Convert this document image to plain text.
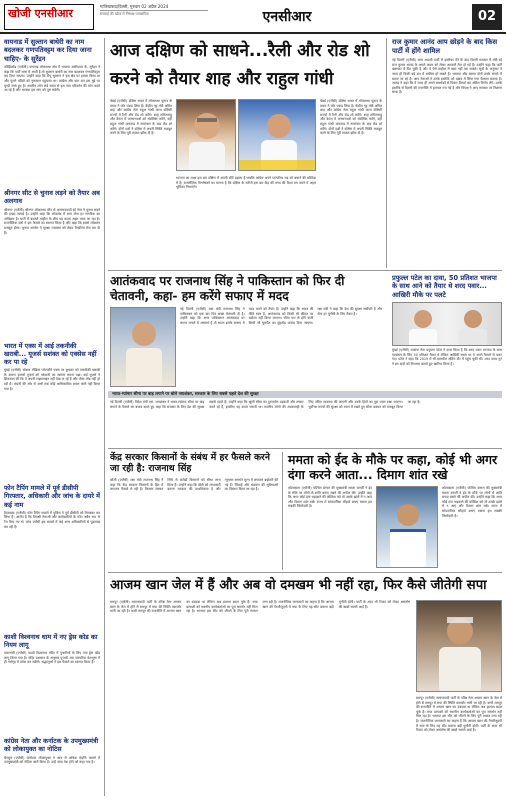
खोजी एनसीआर
गाजियाबाद/दिल्ली, गुरुवार 02 अप्रैल 2024
सच्चाई की खोज में निष्पक्ष पत्रकारिता	एनसीआर	02
वायनाड में सुल्तान बाथेरी का नाम बदलकर गणपतिवट्टम कर दिया जाना चाहिए- के सुरेंद्रन
कोझिकोड (एजेंसी) वायनाड लोकसभा क्षेत्र में भाजपा उम्मीदवार के. सुरेंद्रन ने कहा कि पार्टी सत्ता में आती है तो सुल्तान बाथेरी का नाम बदलकर गणपतिवट्टम कर दिया जाएगा। उन्होंने कहा कि टीपू सुल्तान ने इस क्षेत्र पर हमला किया था और पुराने मंदिरों को नुकसान पहुंचाया था। कांग्रेस और वाम दल इस मुद्दे पर चुप्पी साधे हुए हैं। स्थानीय लोग लंबे समय से इस नाम परिवर्तन की मांग करते आ रहे हैं और भाजपा इस मांग को पूरा करेगी।
श्रीनगर सीट से चुनाव लड़ने को तैयार अब अलगाव
श्रीनगर (एजेंसी) श्रीनगर लोकसभा सीट से अलगाववादी रहे नेता ने चुनाव लड़ने की इच्छा जताई है। उन्होंने कहा कि लोकतंत्र में भाग लेना हर नागरिक का अधिकार है। घाटी में बदलते माहौल के बीच यह कदम अहम माना जा रहा है। राजनीतिक दलों ने इस फैसले का स्वागत किया है और कहा कि इससे लोकतंत्र मजबूत होगा। चुनाव आयोग ने सुरक्षा व्यवस्था को लेकर तैयारियां तेज कर दी हैं।
भारत में एक्स में आई तकनीकी खराबी... यूजर्स सशंक्त को एक्सेस नहीं कर पा रहे
मुंबई (एजेंसी) सोशल मीडिया प्लेटफॉर्म एक्स पर बुधवार को तकनीकी खराबी के कारण हजारों यूजर्स को परेशानी का सामना करना पड़ा। कई यूजर्स ने शिकायत की कि वे अपनी टाइमलाइन नहीं देख पा रहे हैं और पोस्ट लोड नहीं हो रही हैं। कंपनी की ओर से अभी तक कोई आधिकारिक बयान जारी नहीं किया गया है।
फोन टैपिंग मामले में पूर्व डीसीपी गिरफ्तार, अधिकारी और जांच के दायरे में कई नाम
हैदराबाद (एजेंसी) फोन टैपिंग मामले में पुलिस ने पूर्व डीसीपी को गिरफ्तार कर लिया है। आरोप है कि विपक्षी नेताओं और कारोबारियों के फोन अवैध रूप से टैप किए गए थे। जांच एजेंसी इस मामले में कई अन्य अधिकारियों से पूछताछ कर रही है।
काशी विश्वनाथ धाम में नए ड्रेस कोड का नियम लागू
वाराणसी (एजेंसी) काशी विश्वनाथ मंदिर में पुजारियों के लिए नया ड्रेस कोड लागू किया गया है। मंदिर प्रशासन के अनुसार पुजारी अब पारंपरिक वेशभूषा में ही गर्भगृह में प्रवेश कर सकेंगे। श्रद्धालुओं ने इस फैसले का स्वागत किया है।
कांग्रेस नेता और कर्नाटक के उपमुख्यमंत्री को लोकायुक्त का नोटिस
बेंगलुरु (एजेंसी) कर्नाटक लोकायुक्त ने आय से अधिक संपत्ति मामले में उपमुख्यमंत्री को नोटिस जारी किया है। उन्हें जल्द पेश होने को कहा गया है।
आज दक्षिण को साधने...रैली और रोड शो
करने को तैयार शाह और राहुल गांधी
चेन्नई (एजेंसी) दक्षिण भारत में लोकसभा चुनाव के प्रचार ने जोर पकड़ लिया है। केंद्रीय गृह मंत्री अमित शाह और कांग्रेस नेता राहुल गांधी आज दक्षिणी राज्यों में रैली और रोड शो करेंगे। शाह तमिलनाडु और केरल में जनसभाओं को संबोधित करेंगे, वहीं राहुल गांधी वायनाड में नामांकन के बाद रोड शो करेंगे। दोनों दलों ने दक्षिण में अपनी स्थिति मजबूत करने के लिए पूरी ताकत झोंक दी है।
भाजपा का लक्ष्य इस बार दक्षिण में अपनी सीटें बढ़ाना है जबकि कांग्रेस अपने पारंपरिक गढ़ को बचाने की कोशिश में है। राजनीतिक विश्लेषकों का मानना है कि दक्षिण के नतीजे इस बार केंद्र की सत्ता की दिशा तय करने में अहम भूमिका निभाएंगे।
चेन्नई (एजेंसी) दक्षिण भारत में लोकसभा चुनाव के प्रचार ने जोर पकड़ लिया है। केंद्रीय गृह मंत्री अमित शाह और कांग्रेस नेता राहुल गांधी आज दक्षिणी राज्यों में रैली और रोड शो करेंगे। शाह तमिलनाडु और केरल में जनसभाओं को संबोधित करेंगे, वहीं राहुल गांधी वायनाड में नामांकन के बाद रोड शो करेंगे। दोनों दलों ने दक्षिण में अपनी स्थिति मजबूत करने के लिए पूरी ताकत झोंक दी है।
राज कुमार आनंद आप छोड़ने के बाद किस पार्टी में होंगे शामिल
नई दिल्ली (एजेंसी) आम आदमी पार्टी से इस्तीफा देने के बाद दिल्ली सरकार में मंत्री रहे राज कुमार आनंद के अगले कदम को लेकर अटकलें तेज हो गई हैं। उन्होंने कहा कि पार्टी भ्रष्टाचार में घिर चुकी है और वे ऐसे माहौल में काम नहीं कर सकते। सूत्रों के अनुसार वे जल्द ही किसी बड़े दल में शामिल हो सकते हैं। भाजपा और बसपा दोनों उनके संपर्क में बताए जा रहे हैं। आप नेताओं ने उनके इस्तीफे को दबाव में लिया गया फैसला बताया है। आनंद ने कहा कि वे जल्द ही अपने समर्थकों से विचार-विमर्श कर अंतिम निर्णय लेंगे। उनके इस्तीफे से दिल्ली की राजनीति में हलचल मच गई है और विपक्ष ने आप सरकार पर निशाना साधा है।
आतंकवाद पर राजनाथ सिंह ने पाकिस्तान को फिर दी चेतावनी, कहा- हम करेंगे सफाए में मदद
नई दिल्ली (एजेंसी) रक्षा मंत्री राजनाथ सिंह ने पाकिस्तान को एक बार फिर सख्त चेतावनी दी है। उन्होंने कहा कि अगर पाकिस्तान आतंकवाद पर लगाम लगाने में असमर्थ है तो भारत इसके सफाए में मदद करने को तैयार है। उन्होंने कहा कि भारत की नीति स्पष्ट है, आतंकवाद को किसी भी कीमत पर बर्दाश्त नहीं किया जाएगा। सीमा पार से होने वाली किसी भी घुसपैठ का मुंहतोड़ जवाब दिया जाएगा। रक्षा मंत्री ने कहा कि देश की सुरक्षा सर्वोपरि है और सेना हर चुनौती के लिए तैयार है।
प्रफुल्ल पटेल का दावा, 50 प्रतिशत भाजपा के साथ आने को तैयार थे शरद पवार... आखिरी मौके पर पलटे
मुंबई (एजेंसी) राकांपा नेता प्रफुल्ल पटेल ने दावा किया है कि शरद पवार भाजपा के साथ गठबंधन के लिए 50 प्रतिशत तैयार थे लेकिन आखिरी समय पर वे अपने फैसले से पलट गए। पटेल ने कहा कि 2019 में भी बातचीत अंतिम दौर में पहुंच चुकी थी। शरद पवार गुट ने इन दावों को निराधार बताते हुए खारिज किया है।
भारत-म्यांमार सीमा पर बाड़ लगाने पर बोले जयशंकर, सरकार के लिए सबसे पहले देश की सुरक्षा
नई दिल्ली (एजेंसी) विदेश मंत्री एस. जयशंकर ने भारत-म्यांमार सीमा पर बाड़ लगाने के फैसले का बचाव करते हुए कहा कि सरकार के लिए देश की सुरक्षा सबसे पहले है। उन्होंने कहा कि खुली सीमा का दुरुपयोग उग्रवादी और तस्कर करते रहे हैं, इसलिए यह कदम जरूरी था। स्थानीय लोगों की आवाजाही के लिए उचित व्यवस्था की जाएगी और उनके हितों का पूरा ध्यान रखा जाएगा। पूर्वोत्तर राज्यों की सुरक्षा को ध्यान में रखते हुए सीमा प्रबंधन को मजबूत किया जा रहा है।
केंद्र सरकार किसानों के संबंध में हर फैसले करने जा रही है: राजनाथ सिंह
बरेली (एजेंसी) रक्षा मंत्री राजनाथ सिंह ने कहा कि केंद्र सरकार किसानों के हित में लगातार फैसले ले रही है। किसान सम्मान निधि से करोड़ों किसानों को सीधा लाभ मिला है। उन्होंने कहा कि खेती को लाभकारी बनाना सरकार की प्राथमिकता है और न्यूनतम समर्थन मूल्य में लगातार बढ़ोतरी की गई है। सिंचाई और भंडारण की सुविधाओं का विस्तार किया जा रहा है।
ममता को ईद के मौके पर कहा, कोई भी अगर दंगा करने आता... दिमाग शांत रखे
कोलकाता (एजेंसी) पश्चिम बंगाल की मुख्यमंत्री ममता बनर्जी ने ईद के मौके पर लोगों से शांति बनाए रखने की अपील की। उन्होंने कहा कि अगर कोई दंगा भड़काने की कोशिश करे तो उसके झांसे में न आएं और दिमाग शांत रखें। राज्य में सांप्रदायिक सौहार्द बनाए रखना हम सबकी जिम्मेदारी है।
कोलकाता (एजेंसी) पश्चिम बंगाल की मुख्यमंत्री ममता बनर्जी ने ईद के मौके पर लोगों से शांति बनाए रखने की अपील की। उन्होंने कहा कि अगर कोई दंगा भड़काने की कोशिश करे तो उसके झांसे में न आएं और दिमाग शांत रखें। राज्य में सांप्रदायिक सौहार्द बनाए रखना हम सबकी जिम्मेदारी है।
आजम खान जेल में हैं और अब वो दमखम भी नहीं रहा, फिर कैसे जीतेगी सपा
रामपुर (एजेंसी) समाजवादी पार्टी के वरिष्ठ नेता आजम खान के जेल में होने से रामपुर में सपा की स्थिति कमजोर मानी जा रही है। कभी रामपुर की राजनीति में आजम खान का दबदबा था लेकिन अब हालात बदल चुके हैं। सपा प्रत्याशी को स्थानीय कार्यकर्ताओं का पूरा समर्थन नहीं मिल रहा है। भाजपा इस सीट को जीतने के लिए पूरी ताकत लगा रही है। राजनीतिक जानकारों का कहना है कि आजम खान की गैरमौजूदगी में सपा के लिए यह सीट बचाना बड़ी चुनौती होगी। पार्टी के अंदर भी टिकट को लेकर असंतोष की खबरें सामने आई हैं।
रामपुर (एजेंसी) समाजवादी पार्टी के वरिष्ठ नेता आजम खान के जेल में होने से रामपुर में सपा की स्थिति कमजोर मानी जा रही है। कभी रामपुर की राजनीति में आजम खान का दबदबा था लेकिन अब हालात बदल चुके हैं। सपा प्रत्याशी को स्थानीय कार्यकर्ताओं का पूरा समर्थन नहीं मिल रहा है। भाजपा इस सीट को जीतने के लिए पूरी ताकत लगा रही है। राजनीतिक जानकारों का कहना है कि आजम खान की गैरमौजूदगी में सपा के लिए यह सीट बचाना बड़ी चुनौती होगी। पार्टी के अंदर भी टिकट को लेकर असंतोष की खबरें सामने आई हैं।
